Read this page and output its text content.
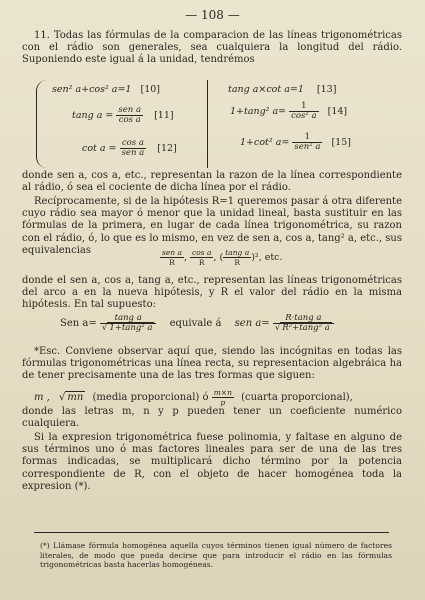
— 108 —

11. Todas las fórmulas de la comparacion de las líneas trigonométricas con el rádio son generales, sea cualquiera la longitud del rádio. Suponiendo este igual á la unidad, tendrémos

sen² a+cos² a=1 [10]
tang $a = \frac{\text{sen a}}{\text{cos a}} [11]$
$\cot a = \frac{\text{cos a}}{\text{sen a}} [12]$
tang a×cot a=1 [13]
1+tang² $a= \frac{1}{\text{cos² a}} [14]$
1+cot² $a= \frac{1}{\text{sen² a}} [15]$

donde sen a, cos a, etc., representan la razon de la línea correspondiente al rádio, ó sea el cociente de dicha línea por el rádio.

Recíprocamente, si de la hipótesis R=1 queremos pasar á otra diferente cuyo rádio sea mayor ó menor que la unidad lineal, basta sustituir en las fórmulas de la primera, en lugar de cada línea trigonométrica, su razon con el rádio, ó, lo que es lo mismo, en vez de sen a, cos a, tang² a, etc., sus equivalencias	$\frac{\text{sen a}}{R}$ , $\frac{\text{cos a}}{R}$ , ( $\frac{\text{tang a}}{R} )^2$, etc.

donde el sen a, cos a, tang a, etc., representan las líneas trigonométricas del arco a en la nueva hipótesis, y R el valor del rádio en la misma hipótesis. En tal supuesto:

Sen $a= \frac{\text{tang a}}{\text{√ 1+tang² a}}$ equivale á sen $a= \frac{\text{R·tang a}}{\text{√ R²+tang² a}}$

*Esc. Conviene observar aquí que, siendo las incógnitas en todas las fórmulas trigonométricas una línea recta, su representacion algebráica ha de tener precisamente una de las tres formas que siguen:

m , √ mn (media proporcional) ó $\frac{m\times n}{p}$ (cuarta proporcional),

donde las letras m, n y p pueden tener un coeficiente numérico cualquiera.

Si la expresion trigonométrica fuese polinomia, y faltase en alguno de sus términos uno ó mas factores lineales para ser de una de las tres formas indicadas, se multiplicará dicho término por la potencia correspondiente de R, con el objeto de hacer homogénea toda la expresion (*).

(*) Llámase fórmula homogénea aquella cuyos términos tienen igual número de factores literales, de modo que pueda decirse que para introducir el rádio en las fórmulas trigonométricas basta hacerlas homogéneas.
